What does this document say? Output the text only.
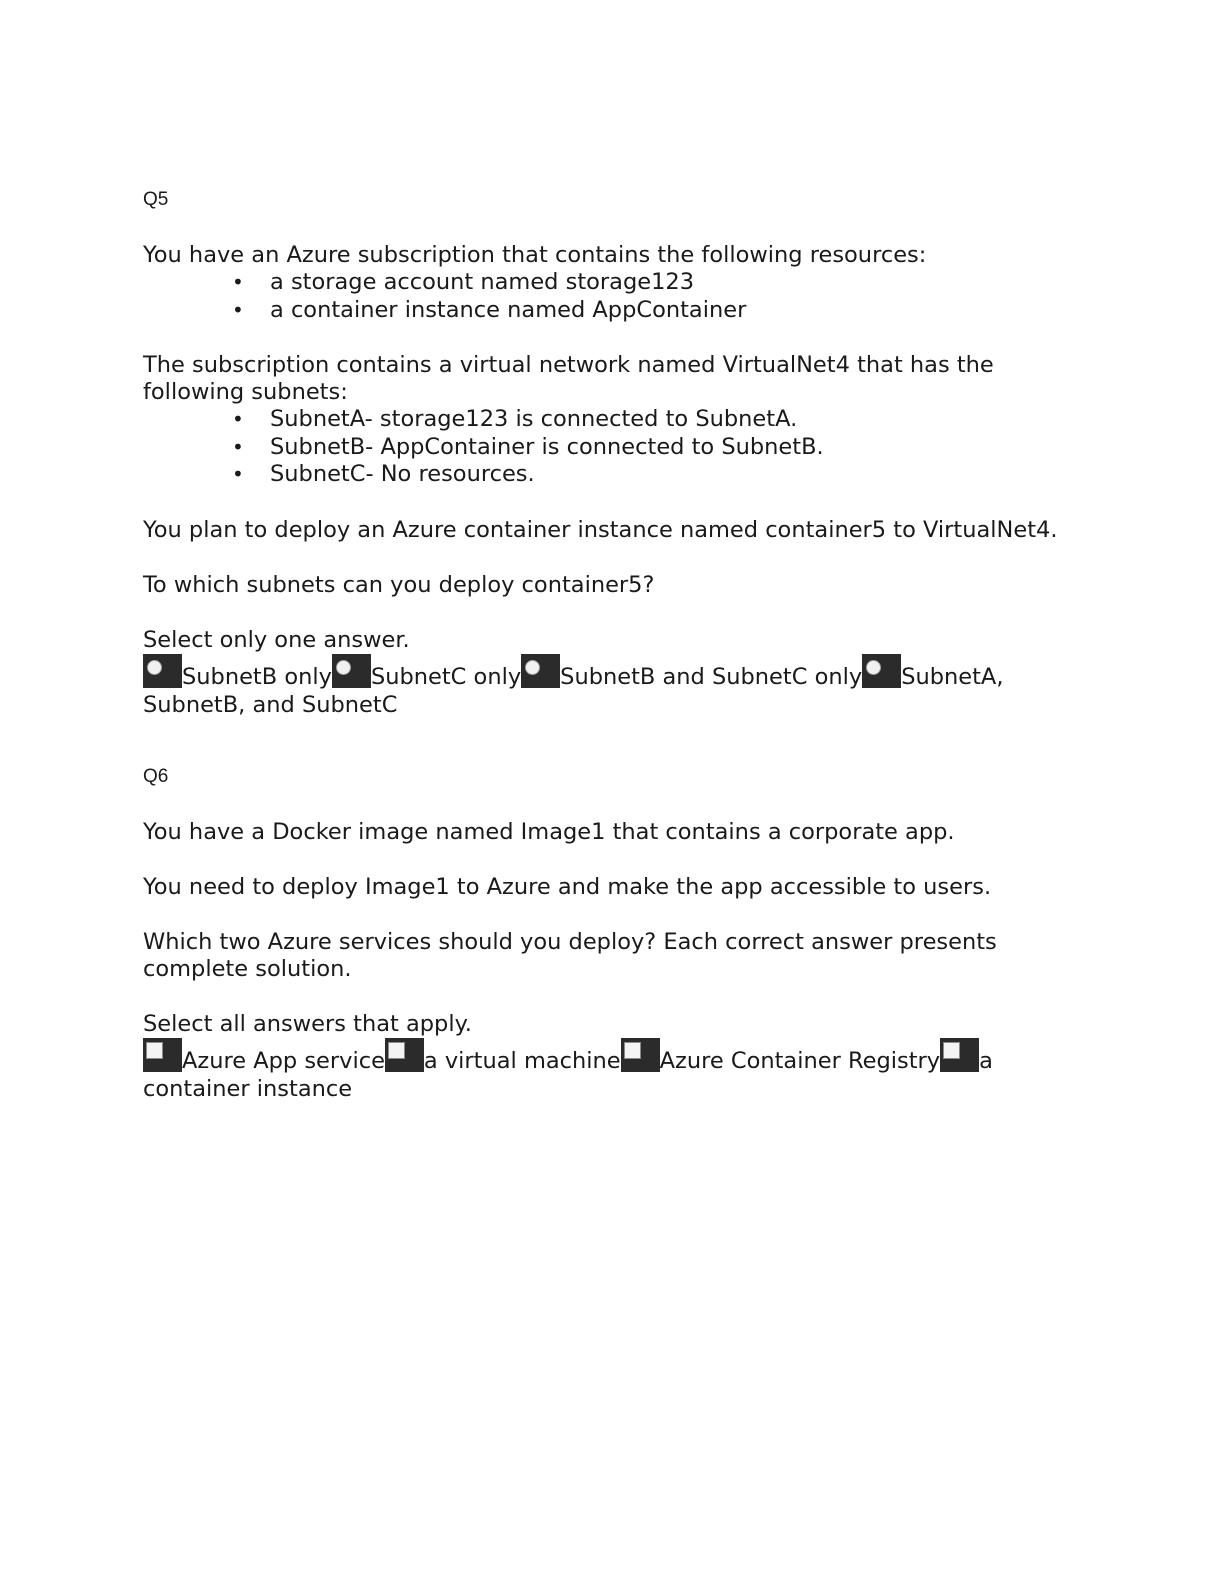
Q5

You have an Azure subscription that contains the following resources:

• a storage account named storage123
• a container instance named AppContainer

The subscription contains a virtual network named VirtualNet4 that has the following subnets:

• SubnetA- storage123 is connected to SubnetA.
• SubnetB- AppContainer is connected to SubnetB.
• SubnetC- No resources.

You plan to deploy an Azure container instance named container5 to VirtualNet4.

To which subnets can you deploy container5?

Select only one answer.

SubnetB only SubnetC only SubnetB and SubnetC only SubnetA, SubnetB, and SubnetC

Q6

You have a Docker image named Image1 that contains a corporate app.

You need to deploy Image1 to Azure and make the app accessible to users.

Which two Azure services should you deploy? Each correct answer presents complete solution.

Select all answers that apply.

Azure App service a virtual machine Azure Container Registry a container instance
